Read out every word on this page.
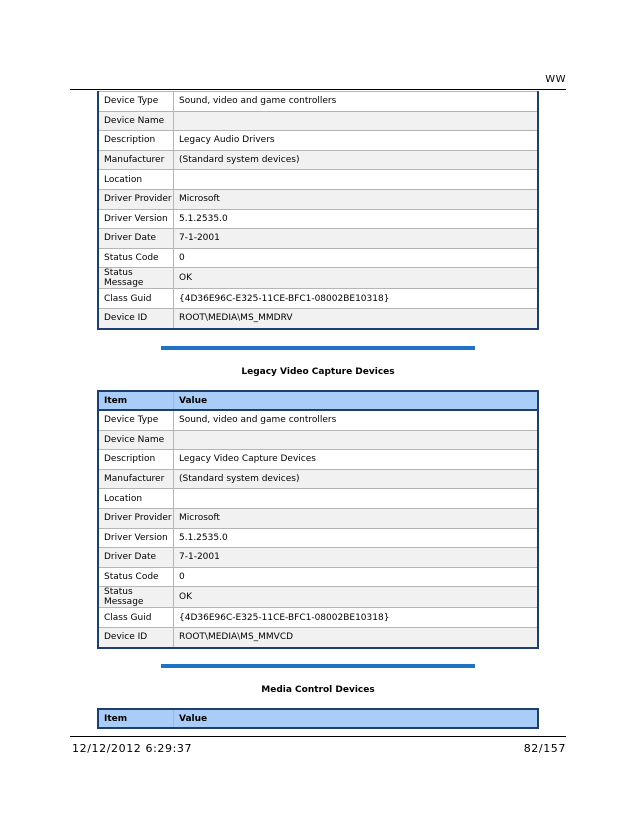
WW
Device Type	Sound, video and game controllers
Device Name	
Description	Legacy Audio Drivers
Manufacturer	(Standard system devices)
Location	
Driver Provider	Microsoft
Driver Version	5.1.2535.0
Driver Date	7-1-2001
Status Code	0
Status Message	OK
Class Guid	{4D36E96C-E325-11CE-BFC1-08002BE10318}
Device ID	ROOT\MEDIA\MS_MMDRV
Legacy Video Capture Devices
Item	Value
Device Type	Sound, video and game controllers
Device Name	
Description	Legacy Video Capture Devices
Manufacturer	(Standard system devices)
Location	
Driver Provider	Microsoft
Driver Version	5.1.2535.0
Driver Date	7-1-2001
Status Code	0
Status Message	OK
Class Guid	{4D36E96C-E325-11CE-BFC1-08002BE10318}
Device ID	ROOT\MEDIA\MS_MMVCD
Media Control Devices
Item	Value
12/12/2012 6:29:37	82/157
